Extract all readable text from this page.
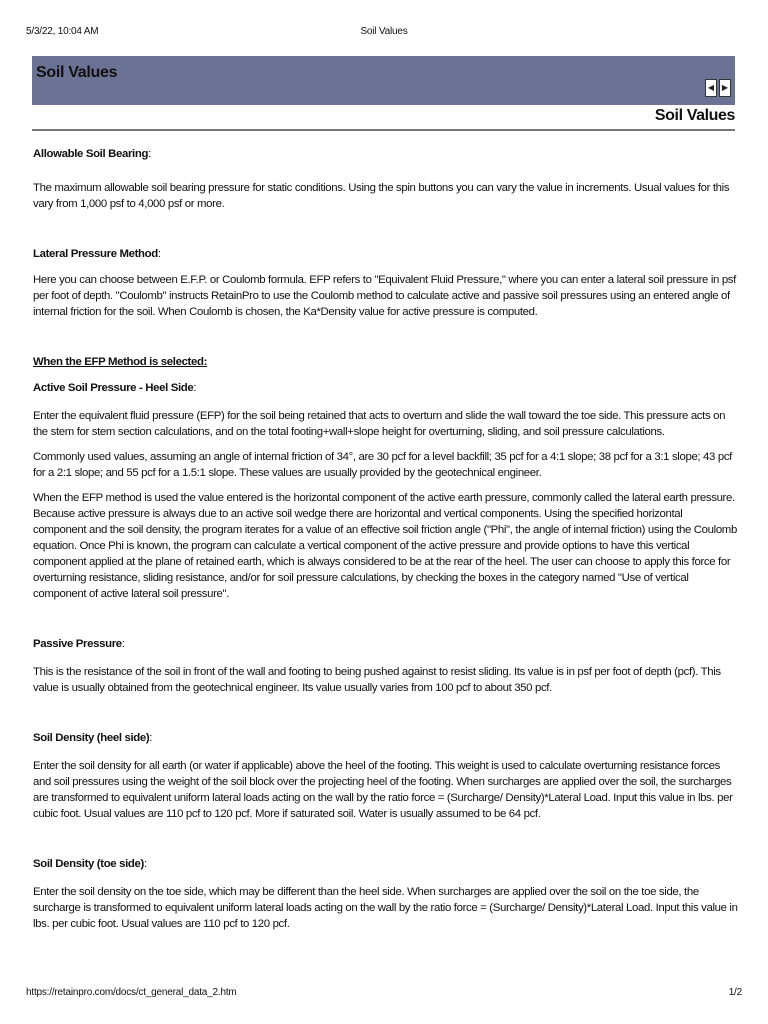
5/3/22, 10:04 AM	Soil Values
Soil Values
◀ ▶
Soil Values

Allowable Soil Bearing:

The maximum allowable soil bearing pressure for static conditions. Using the spin buttons you can vary the value in increments. Usual values for this vary from 1,000 psf to 4,000 psf or more.

Lateral Pressure Method:

Here you can choose between E.F.P. or Coulomb formula. EFP refers to "Equivalent Fluid Pressure," where you can enter a lateral soil pressure in psf per foot of depth. "Coulomb" instructs RetainPro to use the Coulomb method to calculate active and passive soil pressures using an entered angle of internal friction for the soil. When Coulomb is chosen, the Ka*Density value for active pressure is computed.

When the EFP Method is selected:

Active Soil Pressure - Heel Side:

Enter the equivalent fluid pressure (EFP) for the soil being retained that acts to overturn and slide the wall toward the toe side. This pressure acts on the stem for stem section calculations, and on the total footing+wall+slope height for overturning, sliding, and soil pressure calculations.

Commonly used values, assuming an angle of internal friction of 34°, are 30 pcf for a level backfill; 35 pcf for a 4:1 slope; 38 pcf for a 3:1 slope; 43 pcf for a 2:1 slope; and 55 pcf for a 1.5:1 slope. These values are usually provided by the geotechnical engineer.

When the EFP method is used the value entered is the horizontal component of the active earth pressure, commonly called the lateral earth pressure. Because active pressure is always due to an active soil wedge there are horizontal and vertical components. Using the specified horizontal component and the soil density, the program iterates for a value of an effective soil friction angle ("Phi", the angle of internal friction) using the Coulomb equation. Once Phi is known, the program can calculate a vertical component of the active pressure and provide options to have this vertical component applied at the plane of retained earth, which is always considered to be at the rear of the heel. The user can choose to apply this force for overturning resistance, sliding resistance, and/or for soil pressure calculations, by checking the boxes in the category named "Use of vertical component of active lateral soil pressure".

Passive Pressure:

This is the resistance of the soil in front of the wall and footing to being pushed against to resist sliding. Its value is in psf per foot of depth (pcf). This value is usually obtained from the geotechnical engineer. Its value usually varies from 100 pcf to about 350 pcf.

Soil Density (heel side):

Enter the soil density for all earth (or water if applicable) above the heel of the footing. This weight is used to calculate overturning resistance forces and soil pressures using the weight of the soil block over the projecting heel of the footing. When surcharges are applied over the soil, the surcharges are transformed to equivalent uniform lateral loads acting on the wall by the ratio force = (Surcharge/ Density)*Lateral Load. Input this value in lbs. per cubic foot. Usual values are 110 pcf to 120 pcf. More if saturated soil. Water is usually assumed to be 64 pcf.

Soil Density (toe side):

Enter the soil density on the toe side, which may be different than the heel side. When surcharges are applied over the soil on the toe side, the surcharge is transformed to equivalent uniform lateral loads acting on the wall by the ratio force = (Surcharge/ Density)*Lateral Load. Input this value in lbs. per cubic foot. Usual values are 110 pcf to 120 pcf.

https://retainpro.com/docs/ct_general_data_2.htm	1/2
